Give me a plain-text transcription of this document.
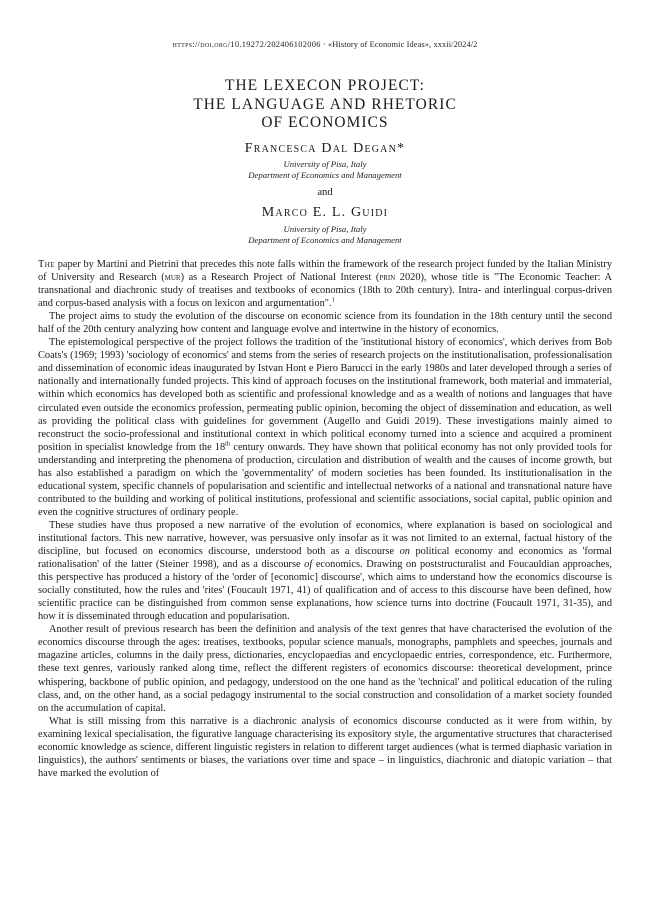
https://doi.org/10.19272/202406102006 · «History of Economic Ideas», xxxii/2024/2
THE LEXECON PROJECT:
THE LANGUAGE AND RHETORIC
OF ECONOMICS
Francesca Dal Degan*
University of Pisa, Italy
Department of Economics and Management
and
Marco E. L. Guidi
University of Pisa, Italy
Department of Economics and Management

The paper by Martini and Pietrini that precedes this note falls within the framework of the research project funded by the Italian Ministry of University and Research (mur) as a Research Project of National Interest (prin 2020), whose title is "The Economic Teacher: A transnational and diachronic study of treatises and textbooks of economics (18th to 20th century). Intra- and interlingual corpus-driven and corpus-based analysis with a focus on lexicon and argumentation".$^1$

The project aims to study the evolution of the discourse on economic science from its foundation in the 18th century until the second half of the 20th century analyzing how content and language evolve and intertwine in the history of economics.

The epistemological perspective of the project follows the tradition of the 'institutional history of economics', which derives from Bob Coats's (1969; 1993) 'sociology of economics' and stems from the series of research projects on the institutionalisation, professionalisation and dissemination of economic ideas inaugurated by Istvan Hont e Piero Barucci in the early 1980s and later developed through a series of nationally and internationally funded projects. This kind of approach focuses on the institutional framework, both material and immaterial, within which economics has developed both as scientific and professional knowledge and as a wealth of notions and languages that have circulated even outside the economics profession, permeating public opinion, becoming the object of dissemination and education, as well as providing the political class with guidelines for government (Augello and Guidi 2019). These investigations mainly aimed to reconstruct the socio-professional and institutional context in which political economy turned into a science and acquired a prominent position in specialist knowledge from the 18th century onwards. They have shown that political economy has not only provided tools for understanding and interpreting the phenomena of production, circulation and distribution of wealth and the causes of income growth, but has also established a paradigm on which the 'governmentality' of modern societies has been founded. Its institutionalisation in the educational system, specific channels of popularisation and scientific and intellectual networks of a national and transnational nature have contributed to the building and working of political institutions, professional and scientific associations, social capital, public opinion and even the cognitive structures of ordinary people.

These studies have thus proposed a new narrative of the evolution of economics, where explanation is based on sociological and institutional factors. This new narrative, however, was persuasive only insofar as it was not limited to an external, factual history of the discipline, but focused on economics discourse, understood both as a discourse on political economy and economics as 'formal rationalisation' of the latter (Steiner 1998), and as a discourse of economics. Drawing on poststructuralist and Foucauldian approaches, this perspective has produced a history of the 'order of [economic] discourse', which aims to understand how the economics discourse is socially constituted, how the rules and 'rites' (Foucault 1971, 41) of qualification and of access to this discourse have been defined, how scientific practice can be distinguished from common sense explanations, how science turns into doctrine (Foucault 1971, 31-35), and how it is disseminated through education and popularisation.

Another result of previous research has been the definition and analysis of the text genres that have characterised the evolution of the economics discourse through the ages: treatises, textbooks, popular science manuals, monographs, pamphlets and speeches, journals and magazine articles, columns in the daily press, dictionaries, encyclopaedias and encyclopaedic entries, correspondence, etc. Furthermore, these text genres, variously ranked along time, reflect the different registers of economics discourse: theoretical development, prince whispering, backbone of public opinion, and pedagogy, understood on the one hand as the 'technical' and political education of the ruling class, and, on the other hand, as a social pedagogy instrumental to the social construction and consolidation of a market society founded on the accumulation of capital.

What is still missing from this narrative is a diachronic analysis of economics discourse conducted as it were from within, by examining lexical specialisation, the figurative language characterising its expository style, the argumentative structures that characterised economic knowledge as science, different linguistic registers in relation to different target audiences (what is termed diaphasic variation in linguistics), the authors' sentiments or biases, the variations over time and space – in linguistics, diachronic and diatopic variation – that have marked the evolution of
